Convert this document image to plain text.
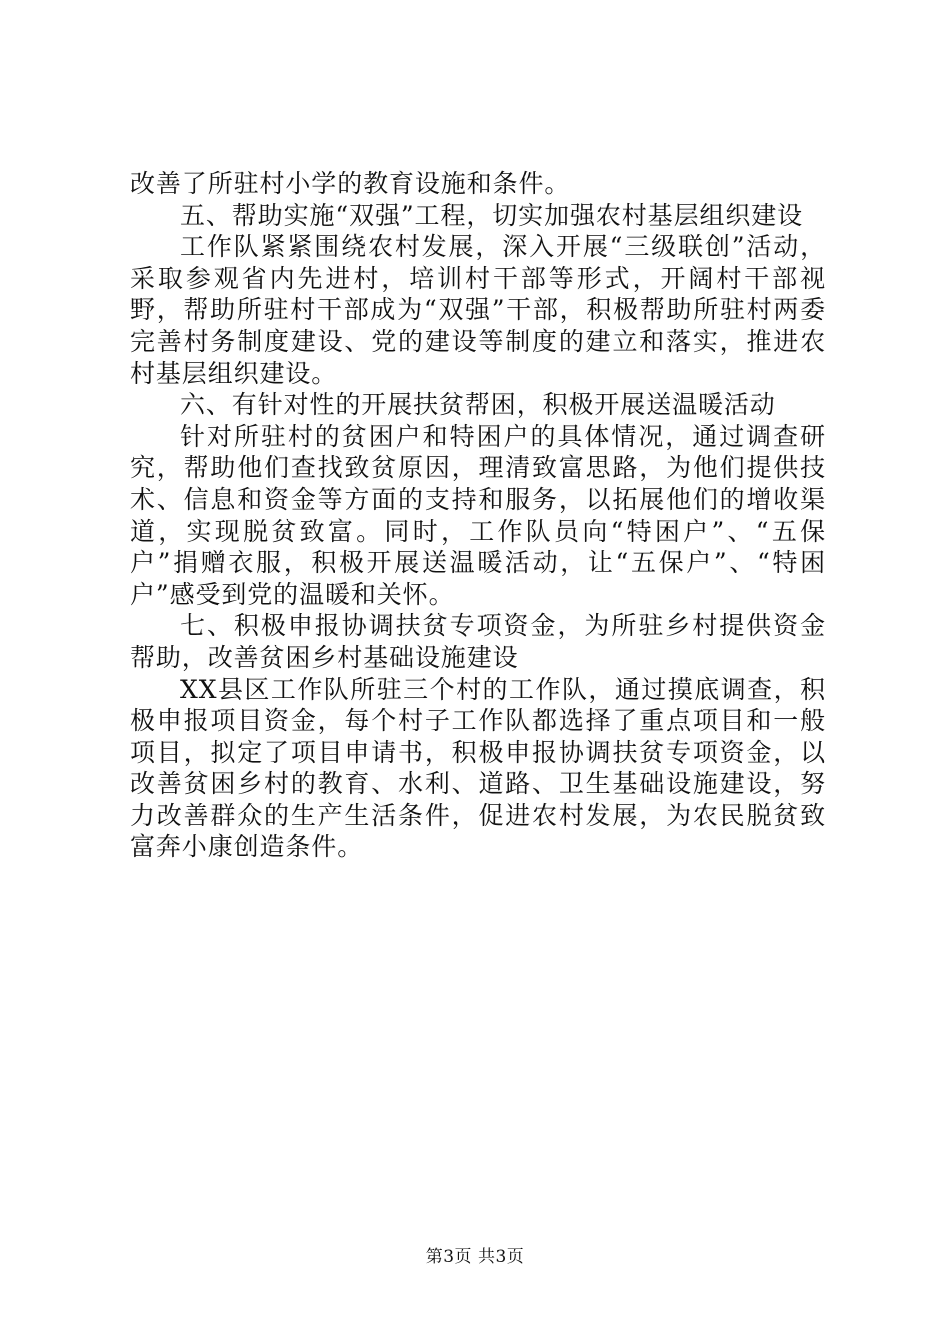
改善了所驻村小学的教育设施和条件。

五、帮助实施“双强”工程，切实加强农村基层组织建设

工作队紧紧围绕农村发展，深入开展“三级联创”活动，采取参观省内先进村，培训村干部等形式，开阔村干部视野，帮助所驻村干部成为“双强”干部，积极帮助所驻村两委完善村务制度建设、党的建设等制度的建立和落实，推进农村基层组织建设。

六、有针对性的开展扶贫帮困，积极开展送温暖活动

针对所驻村的贫困户和特困户的具体情况，通过调查研究，帮助他们查找致贫原因，理清致富思路，为他们提供技术、信息和资金等方面的支持和服务，以拓展他们的增收渠道，实现脱贫致富。同时，工作队员向“特困户”、“五保户”捐赠衣服，积极开展送温暖活动，让“五保户”、“特困户”感受到党的温暖和关怀。

七、积极申报协调扶贫专项资金，为所驻乡村提供资金帮助，改善贫困乡村基础设施建设

XX县区工作队所驻三个村的工作队，通过摸底调查，积极申报项目资金，每个村子工作队都选择了重点项目和一般项目，拟定了项目申请书，积极申报协调扶贫专项资金，以改善贫困乡村的教育、水利、道路、卫生基础设施建设，努力改善群众的生产生活条件，促进农村发展，为农民脱贫致富奔小康创造条件。

第3页 共3页
